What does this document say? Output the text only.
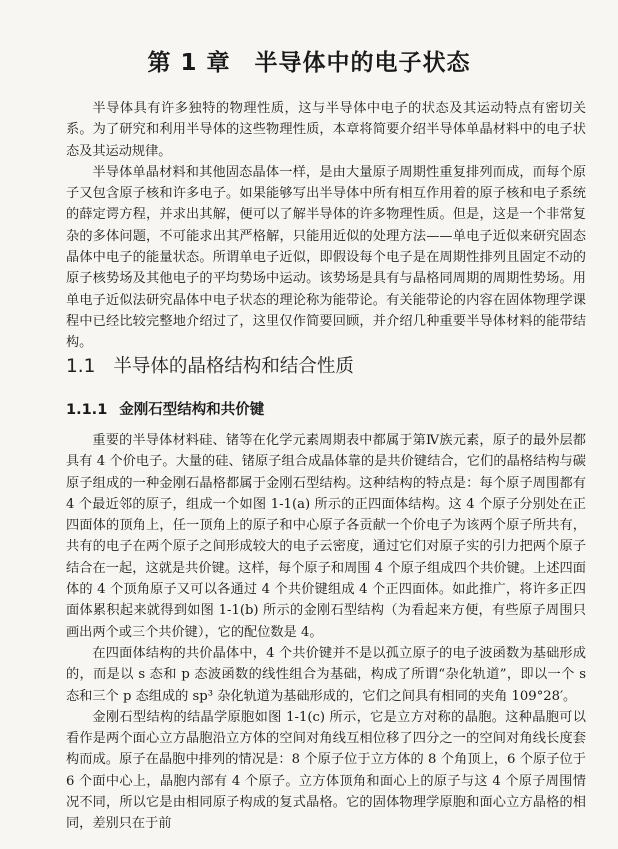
第 1 章　半导体中的电子状态

半导体具有许多独特的物理性质，这与半导体中电子的状态及其运动特点有密切关系。为了研究和利用半导体的这些物理性质，本章将简要介绍半导体单晶材料中的电子状态及其运动规律。

半导体单晶材料和其他固态晶体一样，是由大量原子周期性重复排列而成，而每个原子又包含原子核和许多电子。如果能够写出半导体中所有相互作用着的原子核和电子系统的薛定谔方程，并求出其解，便可以了解半导体的许多物理性质。但是，这是一个非常复杂的多体问题，不可能求出其严格解，只能用近似的处理方法——单电子近似来研究固态晶体中电子的能量状态。所谓单电子近似，即假设每个电子是在周期性排列且固定不动的原子核势场及其他电子的平均势场中运动。该势场是具有与晶格同周期的周期性势场。用单电子近似法研究晶体中电子状态的理论称为能带论。有关能带论的内容在固体物理学课程中已经比较完整地介绍过了，这里仅作简要回顾，并介绍几种重要半导体材料的能带结构。

1.1 半导体的晶格结构和结合性质
1.1.1 金刚石型结构和共价键

重要的半导体材料硅、锗等在化学元素周期表中都属于第Ⅳ族元素，原子的最外层都具有 4 个价电子。大量的硅、锗原子组合成晶体靠的是共价键结合，它们的晶格结构与碳原子组成的一种金刚石晶格都属于金刚石型结构。这种结构的特点是：每个原子周围都有 4 个最近邻的原子，组成一个如图 1-1(a) 所示的正四面体结构。这 4 个原子分别处在正四面体的顶角上，任一顶角上的原子和中心原子各贡献一个价电子为该两个原子所共有，共有的电子在两个原子之间形成较大的电子云密度，通过它们对原子实的引力把两个原子结合在一起，这就是共价键。这样，每个原子和周围 4 个原子组成四个共价键。上述四面体的 4 个顶角原子又可以各通过 4 个共价键组成 4 个正四面体。如此推广，将许多正四面体累积起来就得到如图 1-1(b) 所示的金刚石型结构（为看起来方便，有些原子周围只画出两个或三个共价键），它的配位数是 4。

在四面体结构的共价晶体中，4 个共价键并不是以孤立原子的电子波函数为基础形成的，而是以 s 态和 p 态波函数的线性组合为基础，构成了所谓“杂化轨道”，即以一个 s 态和三个 p 态组成的 sp³ 杂化轨道为基础形成的，它们之间具有相同的夹角 109°28′。

金刚石型结构的结晶学原胞如图 1-1(c) 所示，它是立方对称的晶胞。这种晶胞可以看作是两个面心立方晶胞沿立方体的空间对角线互相位移了四分之一的空间对角线长度套构而成。原子在晶胞中排列的情况是：8 个原子位于立方体的 8 个角顶上，6 个原子位于 6 个面中心上，晶胞内部有 4 个原子。立方体顶角和面心上的原子与这 4 个原子周围情况不同，所以它是由相同原子构成的复式晶格。它的固体物理学原胞和面心立方晶格的相同，差别只在于前
